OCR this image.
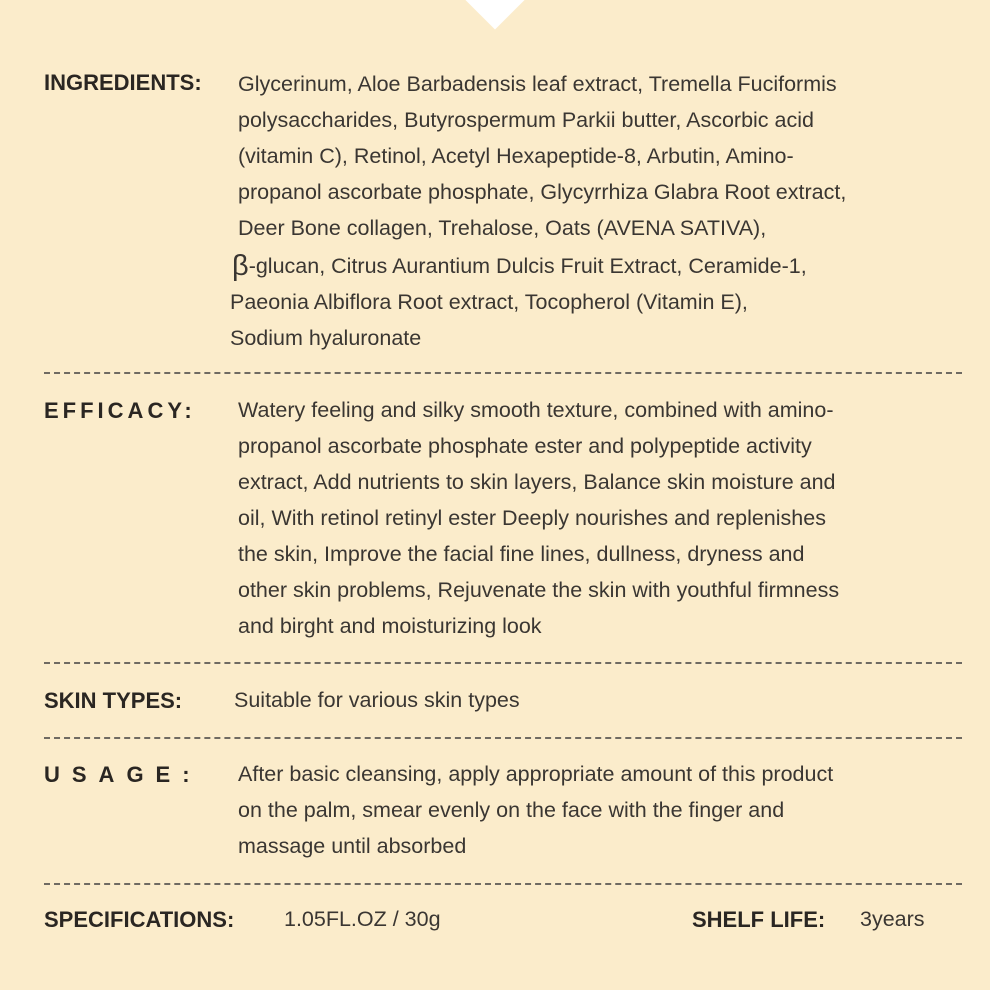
INGREDIENTS: Glycerinum, Aloe Barbadensis leaf extract, Tremella Fuciformis
polysaccharides, Butyrospermum Parkii butter, Ascorbic acid
(vitamin C), Retinol, Acetyl Hexapeptide-8, Arbutin, Amino-
propanol ascorbate phosphate, Glycyrrhiza Glabra Root extract,
Deer Bone collagen, Trehalose, Oats (AVENA SATIVA),
β-glucan, Citrus Aurantium Dulcis Fruit Extract, Ceramide-1,
Paeonia Albiflora Root extract, Tocopherol (Vitamin E),
Sodium hyaluronate
EFFICACY: Watery feeling and silky smooth texture, combined with amino-
propanol ascorbate phosphate ester and polypeptide activity
extract, Add nutrients to skin layers, Balance skin moisture and
oil, With retinol retinyl ester Deeply nourishes and replenishes
the skin, Improve the facial fine lines, dullness, dryness and
other skin problems, Rejuvenate the skin with youthful firmness
and birght and moisturizing look
SKIN TYPES: Suitable for various skin types
USAGE: After basic cleansing, apply appropriate amount of this product
on the palm, smear evenly on the face with the finger and
massage until absorbed
SPECIFICATIONS: 1.05FL.OZ / 30g	SHELF LIFE: 3years
